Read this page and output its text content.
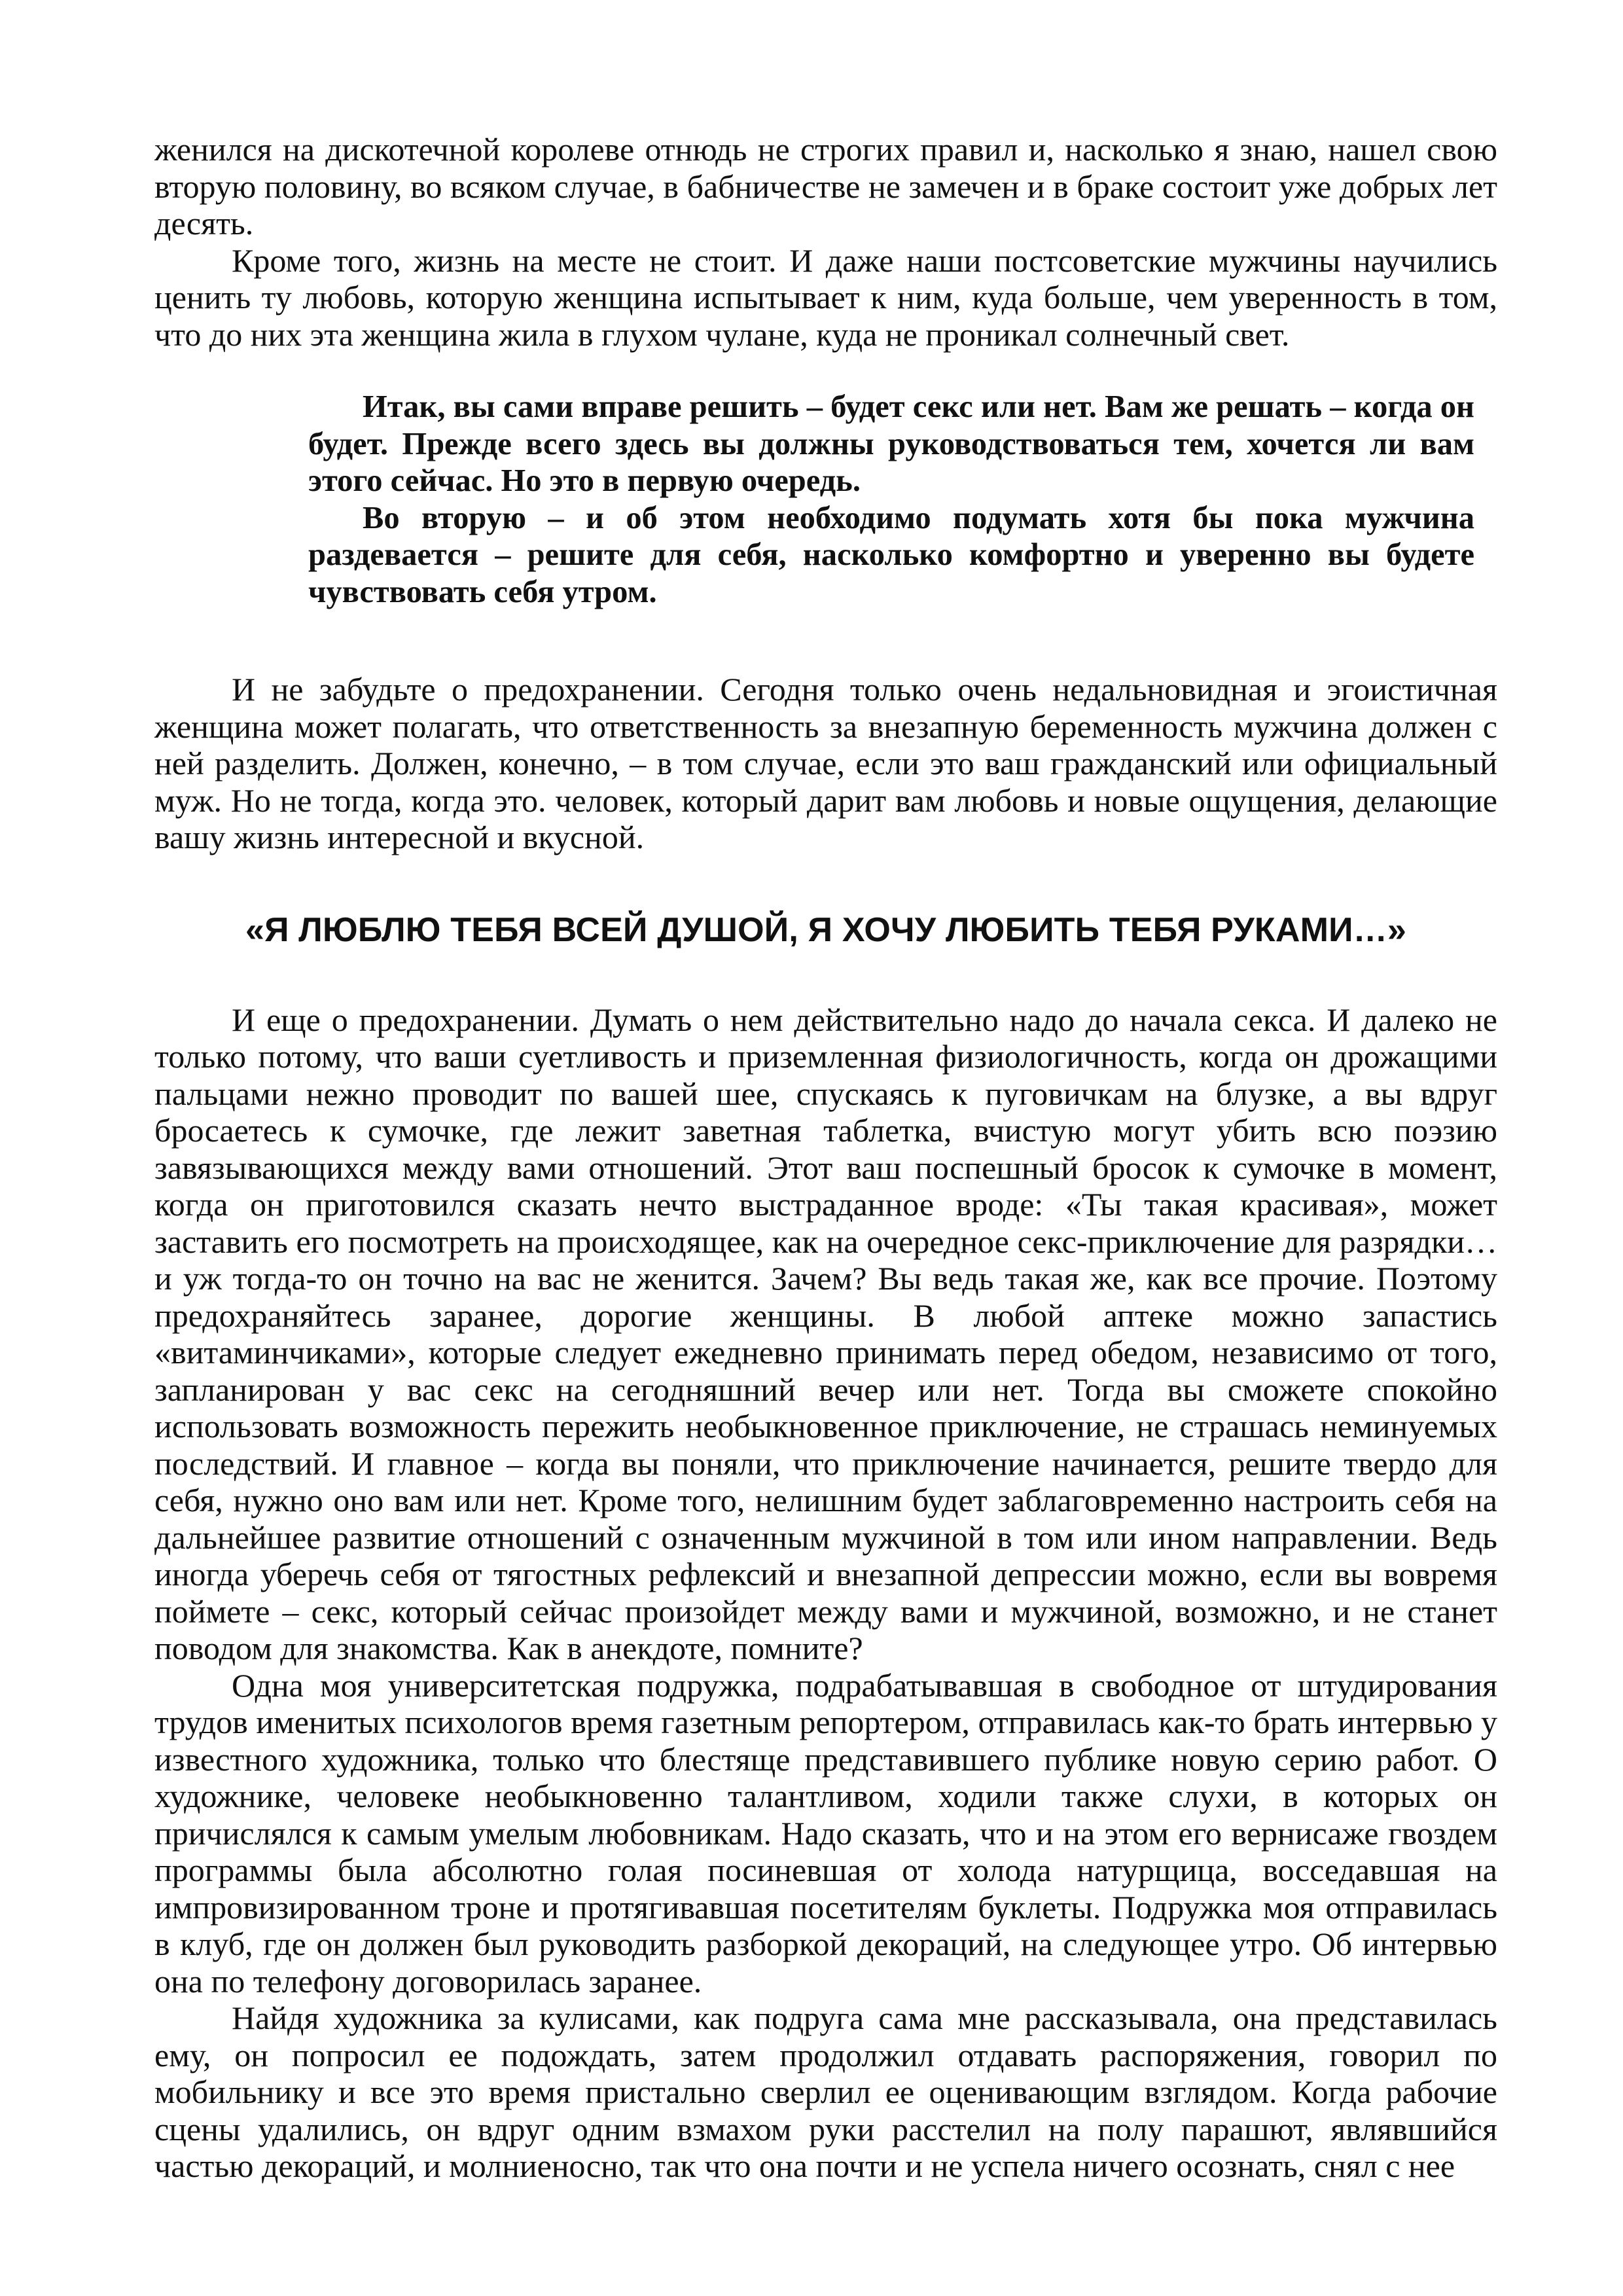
женился на дискотечной королеве отнюдь не строгих правил и, насколько я знаю, нашел свою вторую половину, во всяком случае, в бабничестве не замечен и в браке состоит уже добрых лет десять.

Кроме того, жизнь на месте не стоит. И даже наши постсоветские мужчины научились ценить ту любовь, которую женщина испытывает к ним, куда больше, чем уверенность в том, что до них эта женщина жила в глухом чулане, куда не проникал солнечный свет.

Итак, вы сами вправе решить – будет секс или нет. Вам же решать – когда он будет. Прежде всего здесь вы должны руководствоваться тем, хочется ли вам этого сейчас. Но это в первую очередь.

Во вторую – и об этом необходимо подумать хотя бы пока мужчина раздевается – решите для себя, насколько комфортно и уверенно вы будете чувствовать себя утром.

И не забудьте о предохранении. Сегодня только очень недальновидная и эгоистичная женщина может полагать, что ответственность за внезапную беременность мужчина должен с ней разделить. Должен, конечно, – в том случае, если это ваш гражданский или официальный муж. Но не тогда, когда это. человек, который дарит вам любовь и новые ощущения, делающие вашу жизнь интересной и вкусной.

«Я ЛЮБЛЮ ТЕБЯ ВСЕЙ ДУШОЙ, Я ХОЧУ ЛЮБИТЬ ТЕБЯ РУКАМИ…»

И еще о предохранении. Думать о нем действительно надо до начала секса. И далеко не только потому, что ваши суетливость и приземленная физиологичность, когда он дрожащими пальцами нежно проводит по вашей шее, спускаясь к пуговичкам на блузке, а вы вдруг бросаетесь к сумочке, где лежит заветная таблетка, вчистую могут убить всю поэзию завязывающихся между вами отношений. Этот ваш поспешный бросок к сумочке в момент, когда он приготовился сказать нечто выстраданное вроде: «Ты такая красивая», может заставить его посмотреть на происходящее, как на очередное секс-приключение для разрядки… и уж тогда-то он точно на вас не женится. Зачем? Вы ведь такая же, как все прочие. Поэтому предохраняйтесь заранее, дорогие женщины. В любой аптеке можно запастись «витаминчиками», которые следует ежедневно принимать перед обедом, независимо от того, запланирован у вас секс на сегодняшний вечер или нет. Тогда вы сможете спокойно использовать возможность пережить необыкновенное приключение, не страшась неминуемых последствий. И главное – когда вы поняли, что приключение начинается, решите твердо для себя, нужно оно вам или нет. Кроме того, нелишним будет заблаговременно настроить себя на дальнейшее развитие отношений с означенным мужчиной в том или ином направлении. Ведь иногда уберечь себя от тягостных рефлексий и внезапной депрессии можно, если вы вовремя поймете – секс, который сейчас произойдет между вами и мужчиной, возможно, и не станет поводом для знакомства. Как в анекдоте, помните?

Одна моя университетская подружка, подрабатывавшая в свободное от штудирования трудов именитых психологов время газетным репортером, отправилась как-то брать интервью у известного художника, только что блестяще представившего публике новую серию работ. О художнике, человеке необыкновенно талантливом, ходили также слухи, в которых он причислялся к самым умелым любовникам. Надо сказать, что и на этом его вернисаже гвоздем программы была абсолютно голая посиневшая от холода натурщица, восседавшая на импровизированном троне и протягивавшая посетителям буклеты. Подружка моя отправилась в клуб, где он должен был руководить разборкой декораций, на следующее утро. Об интервью она по телефону договорилась заранее.

Найдя художника за кулисами, как подруга сама мне рассказывала, она представилась ему, он попросил ее подождать, затем продолжил отдавать распоряжения, говорил по мобильнику и все это время пристально сверлил ее оценивающим взглядом. Когда рабочие сцены удалились, он вдруг одним взмахом руки расстелил на полу парашют, являвшийся частью декораций, и молниеносно, так что она почти и не успела ничего осознать, снял с нее
